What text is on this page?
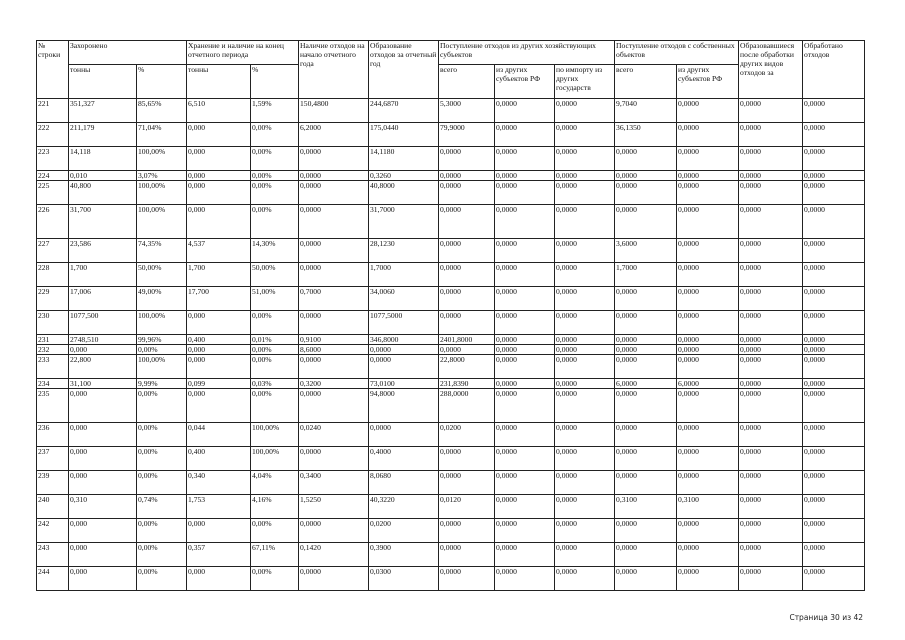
№ строки	Захоронено		Хранение и наличие на конец отчетного периода		Наличие отходов на начало отчетного года	Образование отходов за отчетный год	Поступление отходов из других хозяйствующих субъектов			Поступление отходов с собственных объектов		Образовавшиеся после обработки других видов отходов за	Обработано отходов
	тонны	%	тонны	%			всего	из других субъектов РФ	по импорту из других государств	всего	из других субъектов РФ		
221	351,327	85,65%	6,510	1,59%	150,4800	244,6870	5,3000	0,0000	0,0000	9,7040	0,0000	0,0000	0,0000
222	211,179	71,04%	0,000	0,00%	6,2000	175,0440	79,9000	0,0000	0,0000	36,1350	0,0000	0,0000	0,0000
223	14,118	100,00%	0,000	0,00%	0,0000	14,1180	0,0000	0,0000	0,0000	0,0000	0,0000	0,0000	0,0000
224	0,010	3,07%	0,000	0,00%	0,0000	0,3260	0,0000	0,0000	0,0000	0,0000	0,0000	0,0000	0,0000
225	40,800	100,00%	0,000	0,00%	0,0000	40,8000	0,0000	0,0000	0,0000	0,0000	0,0000	0,0000	0,0000
226	31,700	100,00%	0,000	0,00%	0,0000	31,7000	0,0000	0,0000	0,0000	0,0000	0,0000	0,0000	0,0000
227	23,586	74,35%	4,537	14,30%	0,0000	28,1230	0,0000	0,0000	0,0000	3,6000	0,0000	0,0000	0,0000
228	1,700	50,00%	1,700	50,00%	0,0000	1,7000	0,0000	0,0000	0,0000	1,7000	0,0000	0,0000	0,0000
229	17,006	49,00%	17,700	51,00%	0,7000	34,0060	0,0000	0,0000	0,0000	0,0000	0,0000	0,0000	0,0000
230	1077,500	100,00%	0,000	0,00%	0,0000	1077,5000	0,0000	0,0000	0,0000	0,0000	0,0000	0,0000	0,0000
231	2748,510	99,96%	0,400	0,01%	0,9100	346,8000	2401,8000	0,0000	0,0000	0,0000	0,0000	0,0000	0,0000
232	0,000	0,00%	0,000	0,00%	8,6000	0,0000	0,0000	0,0000	0,0000	0,0000	0,0000	0,0000	0,0000
233	22,800	100,00%	0,000	0,00%	0,0000	0,0000	22,8000	0,0000	0,0000	0,0000	0,0000	0,0000	0,0000
234	31,100	9,99%	0,099	0,03%	0,3200	73,0100	231,8390	0,0000	0,0000	6,0000	6,0000	0,0000	0,0000
235	0,000	0,00%	0,000	0,00%	0,0000	94,8000	288,0000	0,0000	0,0000	0,0000	0,0000	0,0000	0,0000
236	0,000	0,00%	0,044	100,00%	0,0240	0,0000	0,0200	0,0000	0,0000	0,0000	0,0000	0,0000	0,0000
237	0,000	0,00%	0,400	100,00%	0,0000	0,4000	0,0000	0,0000	0,0000	0,0000	0,0000	0,0000	0,0000
239	0,000	0,00%	0,340	4,04%	0,3400	8,0680	0,0000	0,0000	0,0000	0,0000	0,0000	0,0000	0,0000
240	0,310	0,74%	1,753	4,16%	1,5250	40,3220	0,0120	0,0000	0,0000	0,3100	0,3100	0,0000	0,0000
242	0,000	0,00%	0,000	0,00%	0,0000	0,0200	0,0000	0,0000	0,0000	0,0000	0,0000	0,0000	0,0000
243	0,000	0,00%	0,357	67,11%	0,1420	0,3900	0,0000	0,0000	0,0000	0,0000	0,0000	0,0000	0,0000
244	0,000	0,00%	0,000	0,00%	0,0000	0,0300	0,0000	0,0000	0,0000	0,0000	0,0000	0,0000	0,0000
Страница 30 из 42
